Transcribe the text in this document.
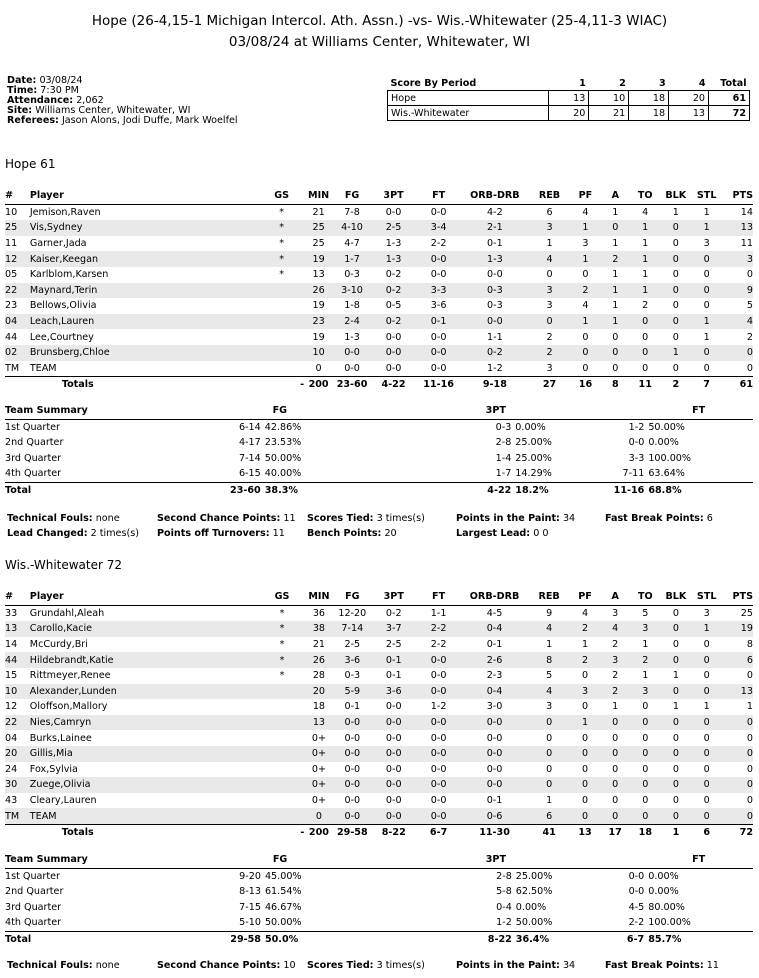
Hope (26-4,15-1 Michigan Intercol. Ath. Assn.) -vs- Wis.-Whitewater (25-4,11-3 WIAC)
03/08/24 at Williams Center, Whitewater, WI
Date: 03/08/24
Time: 7:30 PM
Attendance: 2,062
Site: Williams Center, Whitewater, WI
Referees: Jason Alons, Jodi Duffe, Mark Woelfel
Score By Period	1	2	3	4	Total
Hope	13	10	18	20	61
Wis.-Whitewater	20	21	18	13	72
Hope 61
#	Player	GS	MIN	FG	3PT	FT	ORB-DRB	REB	PF	A	TO	BLK	STL	PTS
10	Jemison,Raven	*	21	7-8	0-0	0-0	4-2	6	4	1	4	1	1	14
25	Vis,Sydney	*	25	4-10	2-5	3-4	2-1	3	1	0	1	0	1	13
11	Garner,Jada	*	25	4-7	1-3	2-2	0-1	1	3	1	1	0	3	11
12	Kaiser,Keegan	*	19	1-7	1-3	0-0	1-3	4	1	2	1	0	0	3
05	Karlblom,Karsen	*	13	0-3	0-2	0-0	0-0	0	0	1	1	0	0	0
22	Maynard,Terin		26	3-10	0-2	3-3	0-3	3	2	1	1	0	0	9
23	Bellows,Olivia		19	1-8	0-5	3-6	0-3	3	4	1	2	0	0	5
04	Leach,Lauren		23	2-4	0-2	0-1	0-0	0	1	1	0	0	1	4
44	Lee,Courtney		19	1-3	0-0	0-0	1-1	2	0	0	0	0	1	2
02	Brunsberg,Chloe		10	0-0	0-0	0-0	0-2	2	0	0	0	1	0	0
TM	TEAM		0	0-0	0-0	0-0	1-2	3	0	0	0	0	0	0
	Totals	-	200	23-60	4-22	11-16	9-18	27	16	8	11	2	7	61
Team Summary	FG		3PT			FT	
1st Quarter	6-14	42.86%	0-3	0.00%	1-2	50.00%	
2nd Quarter	4-17	23.53%	2-8	25.00%	0-0	0.00%	
3rd Quarter	7-14	50.00%	1-4	25.00%	3-3	100.00%	
4th Quarter	6-15	40.00%	1-7	14.29%	7-11	63.64%	
Total	23-60	38.3%	4-22	18.2%	11-16	68.8%	
Technical Fouls: none	Second Chance Points: 11 Scores Tied: 3 times(s)	Points in the Paint: 34	Fast Break Points: 6
Lead Changed: 2 times(s) Points off Turnovers: 11 Bench Points: 20	Largest Lead: 0 0
Wis.-Whitewater 72
#	Player	GS	MIN	FG	3PT	FT	ORB-DRB	REB	PF	A	TO	BLK	STL	PTS
33	Grundahl,Aleah	*	36	12-20	0-2	1-1	4-5	9	4	3	5	0	3	25
13	Carollo,Kacie	*	38	7-14	3-7	2-2	0-4	4	2	4	3	0	1	19
14	McCurdy,Bri	*	21	2-5	2-5	2-2	0-1	1	1	2	1	0	0	8
44	Hildebrandt,Katie	*	26	3-6	0-1	0-0	2-6	8	2	3	2	0	0	6
15	Rittmeyer,Renee	*	28	0-3	0-1	0-0	2-3	5	0	2	1	1	0	0
10	Alexander,Lunden		20	5-9	3-6	0-0	0-4	4	3	2	3	0	0	13
12	Oloffson,Mallory		18	0-1	0-0	1-2	3-0	3	0	1	0	1	1	1
22	Nies,Camryn		13	0-0	0-0	0-0	0-0	0	1	0	0	0	0	0
04	Burks,Lainee		0+	0-0	0-0	0-0	0-0	0	0	0	0	0	0	0
20	Gillis,Mia		0+	0-0	0-0	0-0	0-0	0	0	0	0	0	0	0
24	Fox,Sylvia		0+	0-0	0-0	0-0	0-0	0	0	0	0	0	0	0
30	Zuege,Olivia		0+	0-0	0-0	0-0	0-0	0	0	0	0	0	0	0
43	Cleary,Lauren		0+	0-0	0-0	0-0	0-1	1	0	0	0	0	0	0
TM	TEAM		0	0-0	0-0	0-0	0-6	6	0	0	0	0	0	0
	Totals	-	200	29-58	8-22	6-7	11-30	41	13	17	18	1	6	72
Team Summary	FG		3PT			FT	
1st Quarter	9-20	45.00%	2-8	25.00%	0-0	0.00%	
2nd Quarter	8-13	61.54%	5-8	62.50%	0-0	0.00%	
3rd Quarter	7-15	46.67%	0-4	0.00%	4-5	80.00%	
4th Quarter	5-10	50.00%	1-2	50.00%	2-2	100.00%	
Total	29-58	50.0%	8-22	36.4%	6-7	85.7%	
Technical Fouls: none	Second Chance Points: 10 Scores Tied: 3 times(s)	Points in the Paint: 34	Fast Break Points: 11
